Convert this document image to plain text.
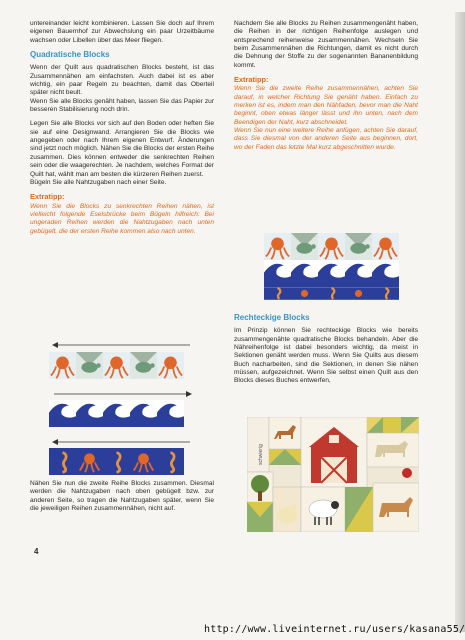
untereinander leicht kombinieren. Lassen Sie doch auf Ihrem eigenen Bauernhof zur Abwechslung ein paar Urzeitbäume wachsen oder Libellen über das Meer fliegen.

Quadratische Blocks

Wenn der Quilt aus quadratischen Blocks besteht, ist das Zusammennähen am einfachsten. Auch dabei ist es aber wichtig, ein paar Regeln zu beachten, damit das Oberteil später nicht beult.

Wenn Sie alle Blocks genäht haben, lassen Sie das Papier zur besseren Stabilisierung noch drin.

Legen Sie alle Blocks vor sich auf den Boden oder heften Sie sie auf eine Designwand. Arrangieren Sie die Blocks wie angegeben oder nach Ihrem eigenen Entwurf. Änderungen sind jetzt noch möglich. Nähen Sie die Blocks der ersten Reihe zusammen. Dies können entweder die senkrechten Reihen sein oder die waagerechten. Je nachdem, welches Format der Quilt hat, wählt man am besten die kürzeren Reihen zuerst.

Bügeln Sie alle Nahtzugaben nach einer Seite.

Extratipp:

Wenn Sie die Blocks zu senkrechten Reihen nähen, ist vielleicht folgende Eselsbrücke beim Bügeln hilfreich: Bei ungeraden Reihen werden die Nahtzugaben nach unten gebügelt, die der ersten Reihe kommen also nach unten.

Nähen Sie nun die zweite Reihe Blocks zusammen. Diesmal werden die Nahtzugaben nach oben gebügelt bzw. zur anderen Seite, so tragen die Nahtzugaben später, wenn Sie die jeweiligen Reihen zusammennähen, nicht auf.

Nachdem Sie alle Blocks zu Reihen zusammengenäht haben, die Reihen in der richtigen Reihenfolge auslegen und entsprechend reihenweise zusammennähen. Wechseln Sie beim Zusammennähen die Richtungen, damit es nicht durch die Dehnung der Stoffe zu der sogenannten Bananenbildung kommt.

Extratipp:

Wenn Sie die zweite Reihe zusammennähen, achten Sie darauf, in welcher Richtung Sie genäht haben. Einfach zu merken ist es, indem man den Nähfaden, bevor man die Naht beginnt, oben etwas länger lässt und ihn unten, nach dem Beendigen der Naht, kurz abschneidet.

Wenn Sie nun eine weitere Reihe anfügen, achten Sie darauf, dass Sie diesmal von der anderen Seite aus beginnen, dort, wo der Faden das letzte Mal kurz abgeschnitten wurde.

Rechteckige Blocks

Im Prinzip können Sie rechteckige Blocks wie bereits zusammengenähte quadratische Blocks behandeln. Aber die Nähreihenfolge ist dabei besonders wichtig, da meist in Sektionen genäht werden muss. Wenn Sie Quilts aus diesem Buch nacharbeiten, sind die Sektionen, in denen Sie nähen müssen, aufgezeichnet. Wenn Sie selbst einen Quilt aus den Blocks dieses Buches entwerfen,

schwierig
4
http://www.liveinternet.ru/users/kasana55/
